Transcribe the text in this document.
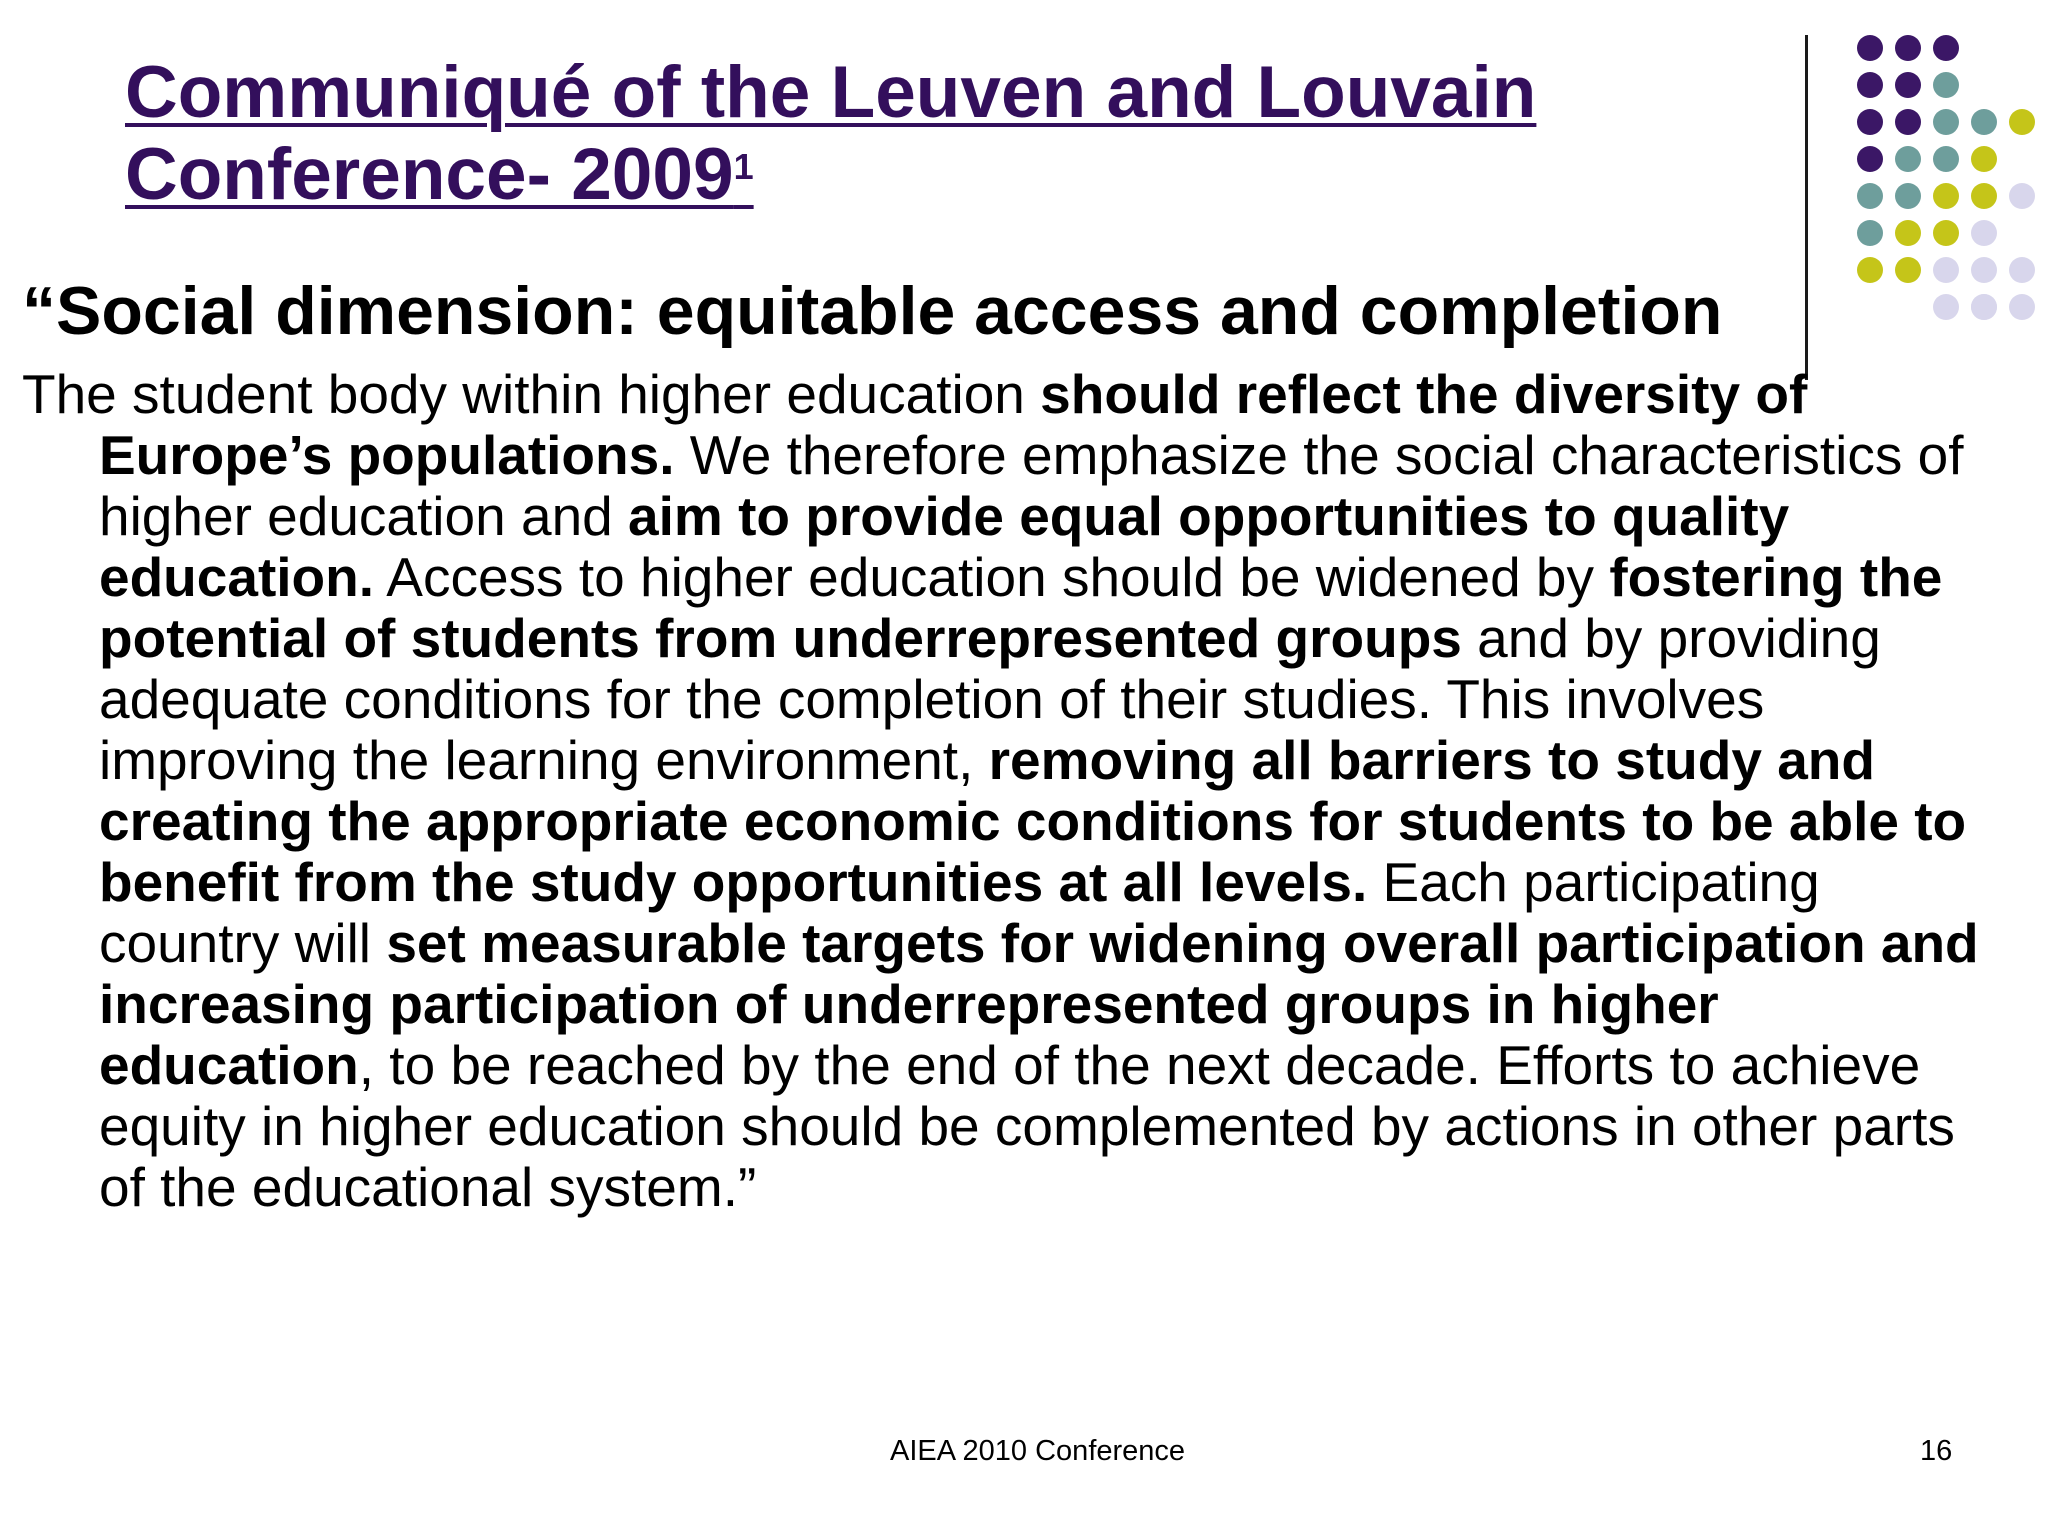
Communiqué of the Leuven and Louvain Conference- 2009$^1$
“Social dimension: equitable access and completion

The student body within higher education should reflect the diversity of Europe’s populations. We therefore emphasize the social characteristics of higher education and aim to provide equal opportunities to quality education. Access to higher education should be widened by fostering the potential of students from underrepresented groups and by providing adequate conditions for the completion of their studies. This involves improving the learning environment, removing all barriers to study and creating the appropriate economic conditions for students to be able to benefit from the study opportunities at all levels. Each participating country will set measurable targets for widening overall participation and increasing participation of underrepresented groups in higher education, to be reached by the end of the next decade. Efforts to achieve equity in higher education should be complemented by actions in other parts of the educational system.”

AIEA 2010 Conference	16
